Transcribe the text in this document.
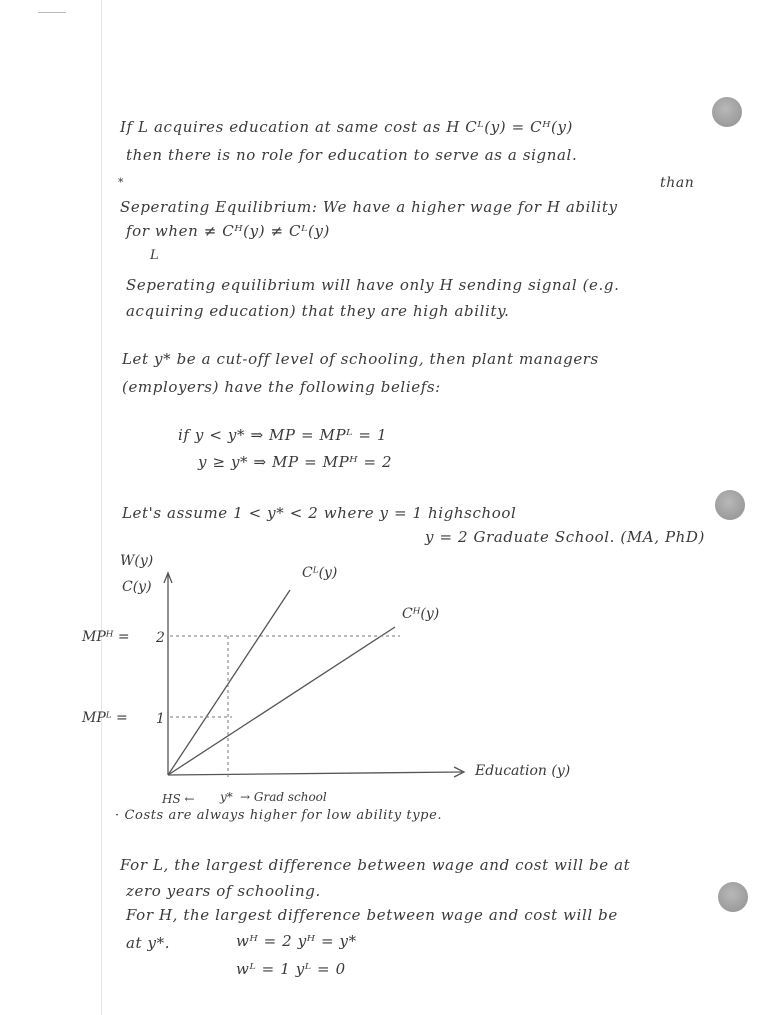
If L acquires education at same cost as H Cᴸ(y) = Cᴴ(y)
then there is no role for education to serve as a signal.
*	than
Seperating Equilibrium: We have a higher wage for H ability
for when ≠ Cᴴ(y) ≠ Cᴸ(y)
L
Seperating equilibrium will have only H sending signal (e.g.
acquiring education) that they are high ability.
Let y* be a cut-off level of schooling, then plant managers
(employers) have the following beliefs:
if y < y* ⇒ MP = MPᴸ = 1
y ≥ y* ⇒ MP = MPᴴ = 2
Let's assume 1 < y* < 2 where y = 1 highschool
y = 2 Graduate School. (MA, PhD)
W(y)
C(y)
MPᴴ = 2
MPᴸ = 1
Cᴸ(y)
Cᴴ(y)
Education (y)
HS ← y* → Grad school
· Costs are always higher for low ability type.
For L, the largest difference between wage and cost will be at
zero years of schooling.
For H, the largest difference between wage and cost will be
at y*.	wᴴ = 2 yᴴ = y*
wᴸ = 1 yᴸ = 0
